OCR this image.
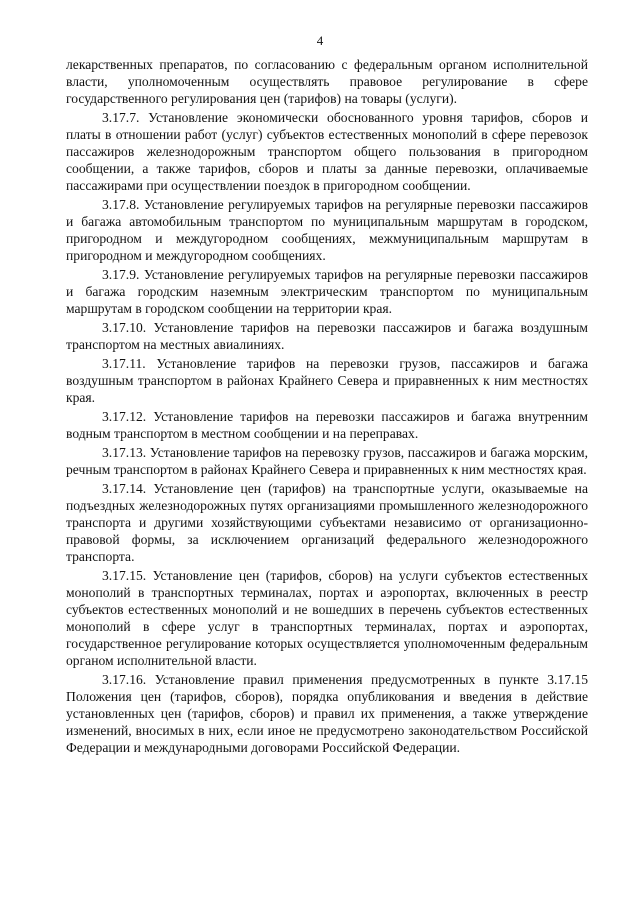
4

лекарственных препаратов, по согласованию с федеральным органом исполнительной власти, уполномоченным осуществлять правовое регулирование в сфере государственного регулирования цен (тарифов) на товары (услуги).

3.17.7. Установление экономически обоснованного уровня тарифов, сборов и платы в отношении работ (услуг) субъектов естественных монополий в сфере перевозок пассажиров железнодорожным транспортом общего пользования в пригородном сообщении, а также тарифов, сборов и платы за данные перевозки, оплачиваемые пассажирами при осуществлении поездок в пригородном сообщении.

3.17.8. Установление регулируемых тарифов на регулярные перевозки пассажиров и багажа автомобильным транспортом по муниципальным маршрутам в городском, пригородном и междугородном сообщениях, межмуниципальным маршрутам в пригородном и междугородном сообщениях.

3.17.9. Установление регулируемых тарифов на регулярные перевозки пассажиров и багажа городским наземным электрическим транспортом по муниципальным маршрутам в городском сообщении на территории края.

3.17.10. Установление тарифов на перевозки пассажиров и багажа воздушным транспортом на местных авиалиниях.

3.17.11. Установление тарифов на перевозки грузов, пассажиров и багажа воздушным транспортом в районах Крайнего Севера и приравненных к ним местностях края.

3.17.12. Установление тарифов на перевозки пассажиров и багажа внутренним водным транспортом в местном сообщении и на переправах.

3.17.13. Установление тарифов на перевозку грузов, пассажиров и багажа морским, речным транспортом в районах Крайнего Севера и приравненных к ним местностях края.

3.17.14. Установление цен (тарифов) на транспортные услуги, оказываемые на подъездных железнодорожных путях организациями промышленного железнодорожного транспорта и другими хозяйствующими субъектами независимо от организационно-правовой формы, за исключением организаций федерального железнодорожного транспорта.

3.17.15. Установление цен (тарифов, сборов) на услуги субъектов естественных монополий в транспортных терминалах, портах и аэропортах, включенных в реестр субъектов естественных монополий и не вошедших в перечень субъектов естественных монополий в сфере услуг в транспортных терминалах, портах и аэропортах, государственное регулирование которых осуществляется уполномоченным федеральным органом исполнительной власти.

3.17.16. Установление правил применения предусмотренных в пункте 3.17.15 Положения цен (тарифов, сборов), порядка опубликования и введения в действие установленных цен (тарифов, сборов) и правил их применения, а также утверждение изменений, вносимых в них, если иное не предусмотрено законодательством Российской Федерации и международными договорами Российской Федерации.
